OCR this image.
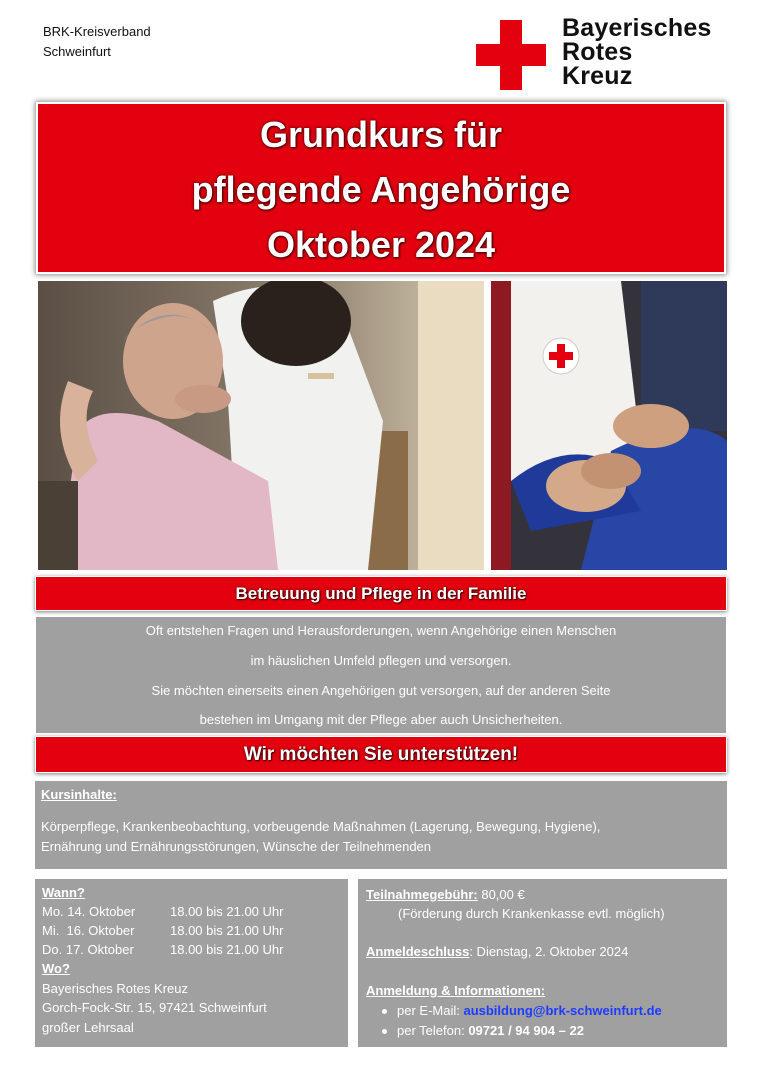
BRK-Kreisverband
Schweinfurt
Bayerisches
Rotes
Kreuz
Grundkurs für
pflegende Angehörige
Oktober 2024
Betreuung und Pflege in der Familie

Oft entstehen Fragen und Herausforderungen, wenn Angehörige einen Menschen

im häuslichen Umfeld pflegen und versorgen.

Sie möchten einerseits einen Angehörigen gut versorgen, auf der anderen Seite

bestehen im Umgang mit der Pflege aber auch Unsicherheiten.

Wir möchten Sie unterstützen!
Kursinhalte:
Körperpflege, Krankenbeobachtung, vorbeugende Maßnahmen (Lagerung, Bewegung, Hygiene),
Ernährung und Ernährungsstörungen, Wünsche der Teilnehmenden
Wann?
Mo. 14. Oktober	18.00 bis 21.00 Uhr
Mi.  16. Oktober	18.00 bis 21.00 Uhr
Do. 17. Oktober	18.00 bis 21.00 Uhr
Wo?
Bayerisches Rotes Kreuz
Gorch-Fock-Str. 15, 97421 Schweinfurt
großer Lehrsaal
Teilnahmegebühr: 80,00 €
(Förderung durch Krankenkasse evtl. möglich)
Anmeldeschluss: Dienstag, 2. Oktober 2024
Anmeldung & Informationen:
per E-Mail: ausbildung@brk-schweinfurt.de
per Telefon: 09721 / 94 904 – 22
